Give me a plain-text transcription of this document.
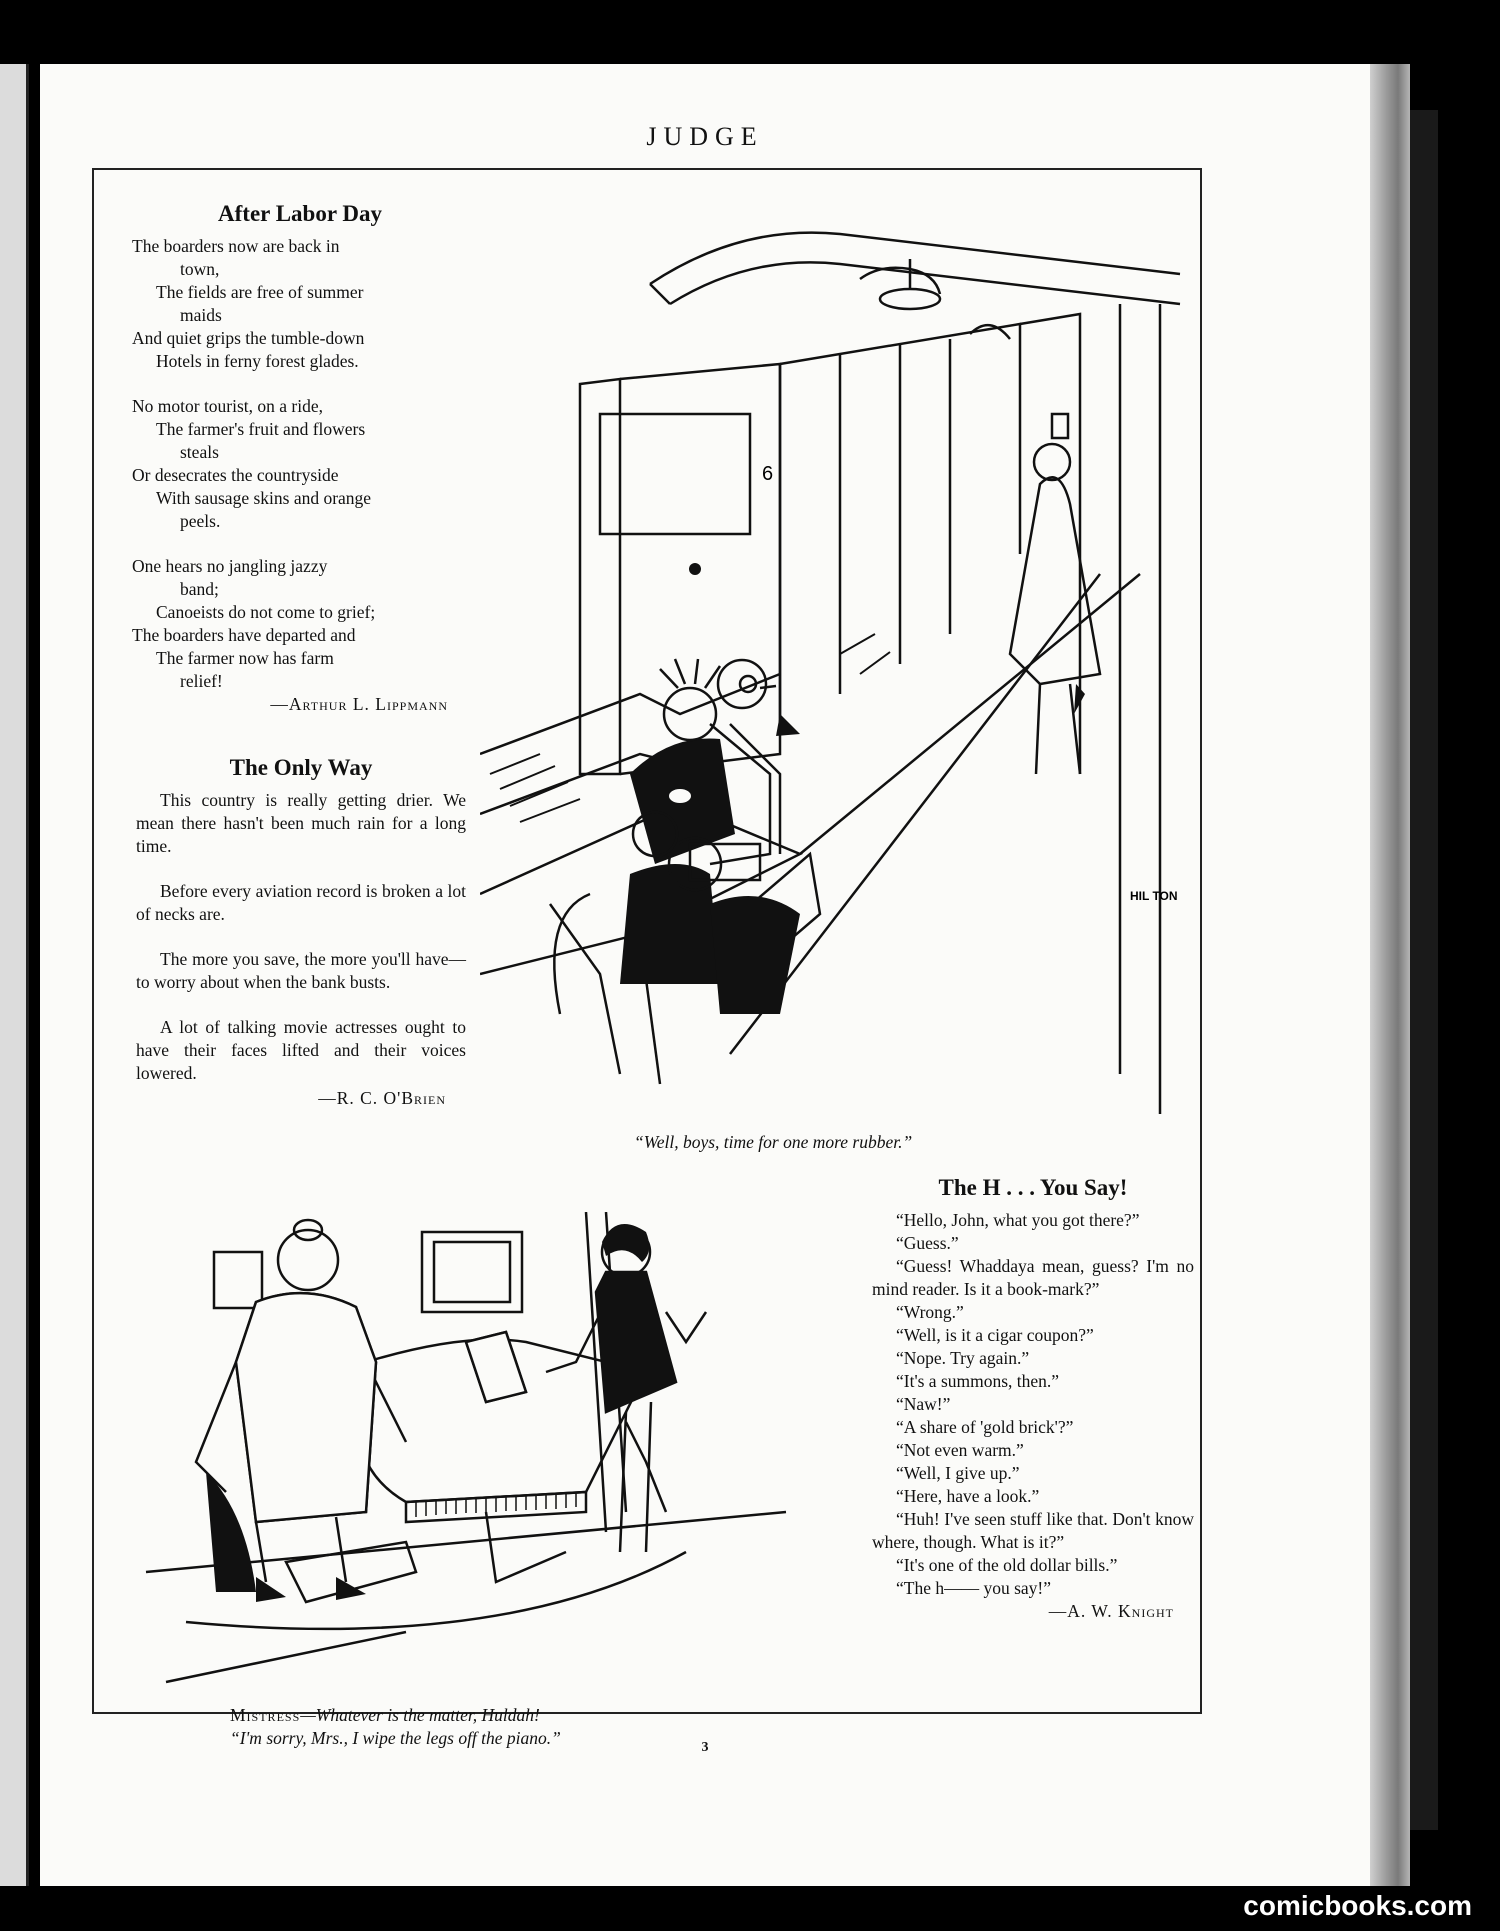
JUDGE
After Labor Day
The boarders now are back in
town,
The fields are free of summer
maids
And quiet grips the tumble-down
Hotels in ferny forest glades.
No motor tourist, on a ride,
The farmer's fruit and flowers
steals
Or desecrates the countryside
With sausage skins and orange
peels.
One hears no jangling jazzy
band;
Canoeists do not come to grief;
The boarders have departed and
The farmer now has farm
relief!
—Arthur L. Lippmann
The Only Way

This country is really getting drier. We mean there hasn't been much rain for a long time.

Before every aviation record is broken a lot of necks are.

The more you save, the more you'll have—to worry about when the bank busts.

A lot of talking movie actresses ought to have their faces lifted and their voices lowered.

—R. C. O'Brien
6
HIL TON
“Well, boys, time for one more rubber.”
Mistress—Whatever is the matter, Huldah!
“I'm sorry, Mrs., I wipe the legs off the piano.”
The H . . . You Say!

“Hello, John, what you got there?”

“Guess.”

“Guess! Whaddaya mean, guess? I'm no mind reader. Is it a book-mark?”

“Wrong.”

“Well, is it a cigar coupon?”

“Nope. Try again.”

“It's a summons, then.”

“Naw!”

“A share of 'gold brick'?”

“Not even warm.”

“Well, I give up.”

“Here, have a look.”

“Huh! I've seen stuff like that. Don't know where, though. What is it?”

“It's one of the old dollar bills.”

“The h—— you say!”

—A. W. Knight
3
comicbooks.com
